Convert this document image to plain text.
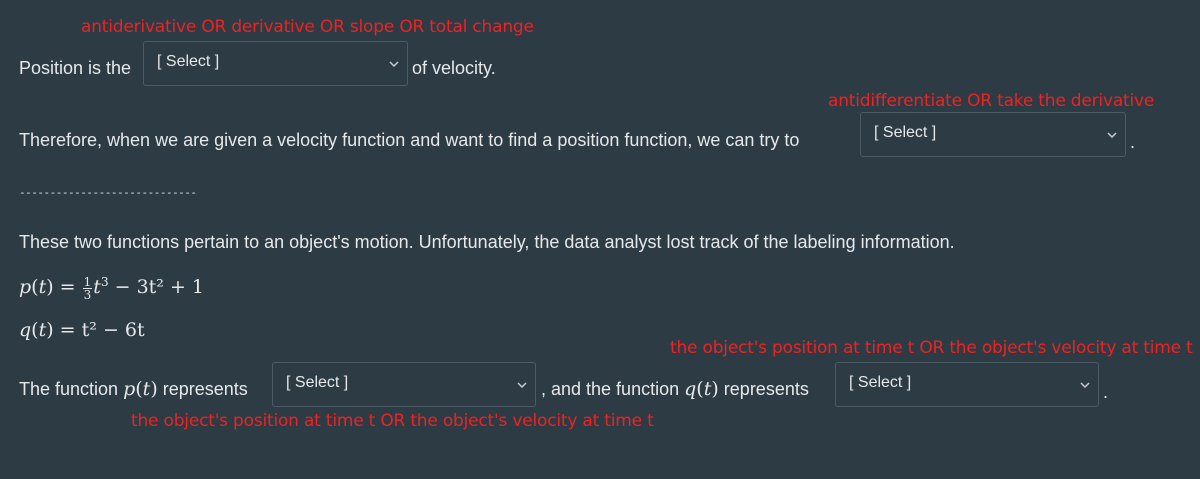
antiderivative OR derivative OR slope OR total change
Position is the [ Select ]	of velocity.
antidifferentiate OR take the derivative
Therefore, when we are given a velocity function and want to find a position function, we can try to	[ Select ]	.
-----------------------------
These two functions pertain to an object's motion. Unfortunately, the data analyst lost track of the labeling information.
$p(t) = \frac{1}{3} t^3 - 3t^2 + 1$
q(t) = t² − 6t
the object's position at time t OR the object's velocity at time t
The function p(t) represents [ Select ]	, and the function q(t) represents	[ Select ]	.
the object's position at time t OR the object's velocity at time t
